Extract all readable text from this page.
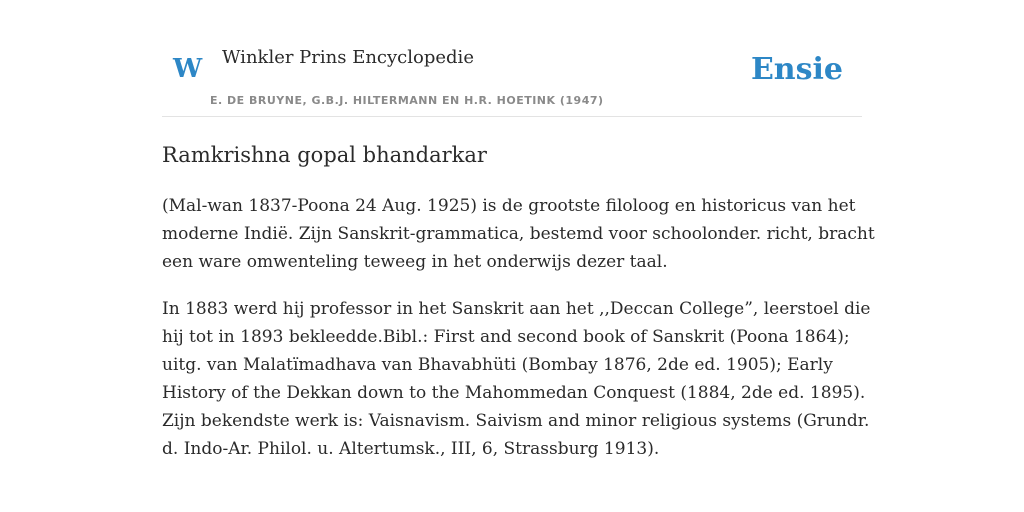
W Winkler Prins Encyclopedie	Ensie
E. DE BRUYNE, G.B.J. HILTERMANN EN H.R. HOETINK (1947)
Ramkrishna gopal bhandarkar

(Mal-wan 1837-Poona 24 Aug. 1925) is de grootste filoloog en historicus van het
moderne Indië. Zijn Sanskrit-grammatica, bestemd voor schoolonder. richt, bracht
een ware omwenteling teweeg in het onderwijs dezer taal.

In 1883 werd hij professor in het Sanskrit aan het ,,Deccan College”, leerstoel die
hij tot in 1893 bekleedde.Bibl.: First and second book of Sanskrit (Poona 1864);
uitg. van Malatïmadhava van Bhavabhüti (Bombay 1876, 2de ed. 1905); Early
History of the Dekkan down to the Mahommedan Conquest (1884, 2de ed. 1895).
Zijn bekendste werk is: Vaisnavism. Saivism and minor religious systems (Grundr.
d. Indo-Ar. Philol. u. Altertumsk., III, 6, Strassburg 1913).
